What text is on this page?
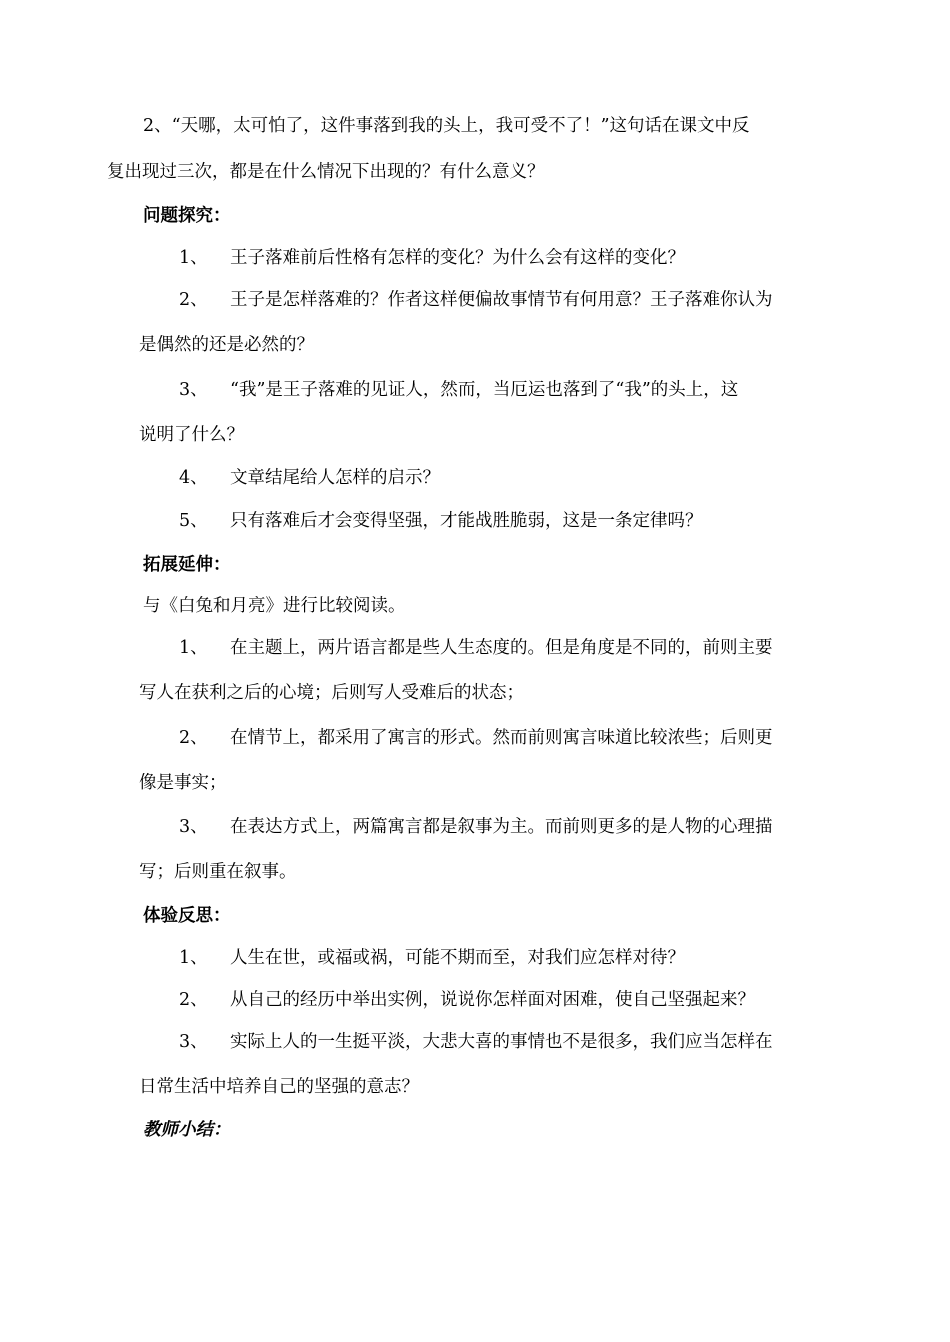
2、“天哪，太可怕了，这件事落到我的头上，我可受不了！”这句话在课文中反
复出现过三次，都是在什么情况下出现的？有什么意义？
问题探究：
1、 王子落难前后性格有怎样的变化？为什么会有这样的变化？
2、 王子是怎样落难的？作者这样便偏故事情节有何用意？王子落难你认为
是偶然的还是必然的？
3、 “我”是王子落难的见证人，然而，当厄运也落到了“我”的头上，这
说明了什么？
4、 文章结尾给人怎样的启示？
5、 只有落难后才会变得坚强，才能战胜脆弱，这是一条定律吗？
拓展延伸：
与《白兔和月亮》进行比较阅读。
1、 在主题上，两片语言都是些人生态度的。但是角度是不同的，前则主要
写人在获利之后的心境；后则写人受难后的状态；
2、 在情节上，都采用了寓言的形式。然而前则寓言味道比较浓些；后则更
像是事实；
3、 在表达方式上，两篇寓言都是叙事为主。而前则更多的是人物的心理描
写；后则重在叙事。
体验反思：
1、 人生在世，或福或祸，可能不期而至，对我们应怎样对待？
2、 从自己的经历中举出实例，说说你怎样面对困难，使自己坚强起来？
3、 实际上人的一生挺平淡，大悲大喜的事情也不是很多，我们应当怎样在
日常生活中培养自己的坚强的意志？
教师小结：
